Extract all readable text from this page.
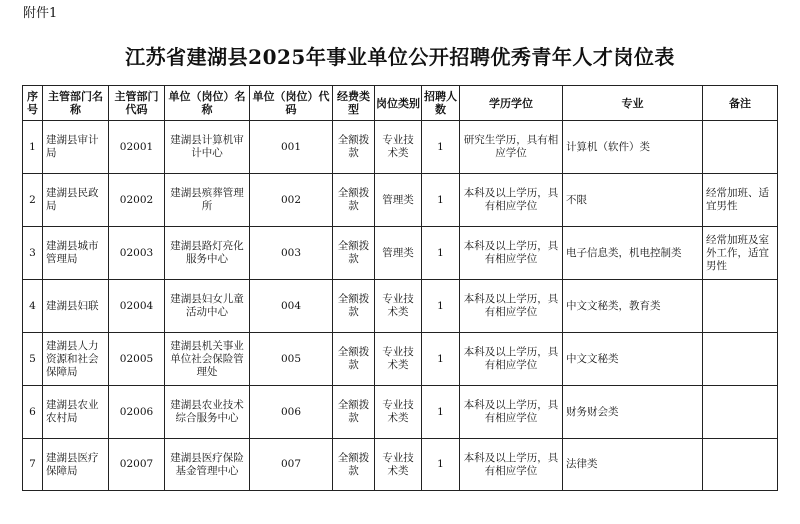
附件1
江苏省建湖县2025年事业单位公开招聘优秀青年人才岗位表
序号	主管部门名称	主管部门代码	单位（岗位）名称	单位（岗位）代码	经费类型	岗位类别	招聘人数	学历学位	专业	备注
1	建湖县审计局	02001	建湖县计算机审计中心	001	全额拨款	专业技术类	1	研究生学历，具有相应学位	计算机（软件）类	
2	建湖县民政局	02002	建湖县殡葬管理所	002	全额拨款	管理类	1	本科及以上学历，具有相应学位	不限	经常加班、适宜男性
3	建湖县城市管理局	02003	建湖县路灯亮化服务中心	003	全额拨款	管理类	1	本科及以上学历，具有相应学位	电子信息类，机电控制类	经常加班及室外工作，适宜男性
4	建湖县妇联	02004	建湖县妇女儿童活动中心	004	全额拨款	专业技术类	1	本科及以上学历，具有相应学位	中文文秘类，教育类	
5	建湖县人力资源和社会保障局	02005	建湖县机关事业单位社会保险管理处	005	全额拨款	专业技术类	1	本科及以上学历，具有相应学位	中文文秘类	
6	建湖县农业农村局	02006	建湖县农业技术综合服务中心	006	全额拨款	专业技术类	1	本科及以上学历，具有相应学位	财务财会类	
7	建湖县医疗保障局	02007	建湖县医疗保险基金管理中心	007	全额拨款	专业技术类	1	本科及以上学历，具有相应学位	法律类	
